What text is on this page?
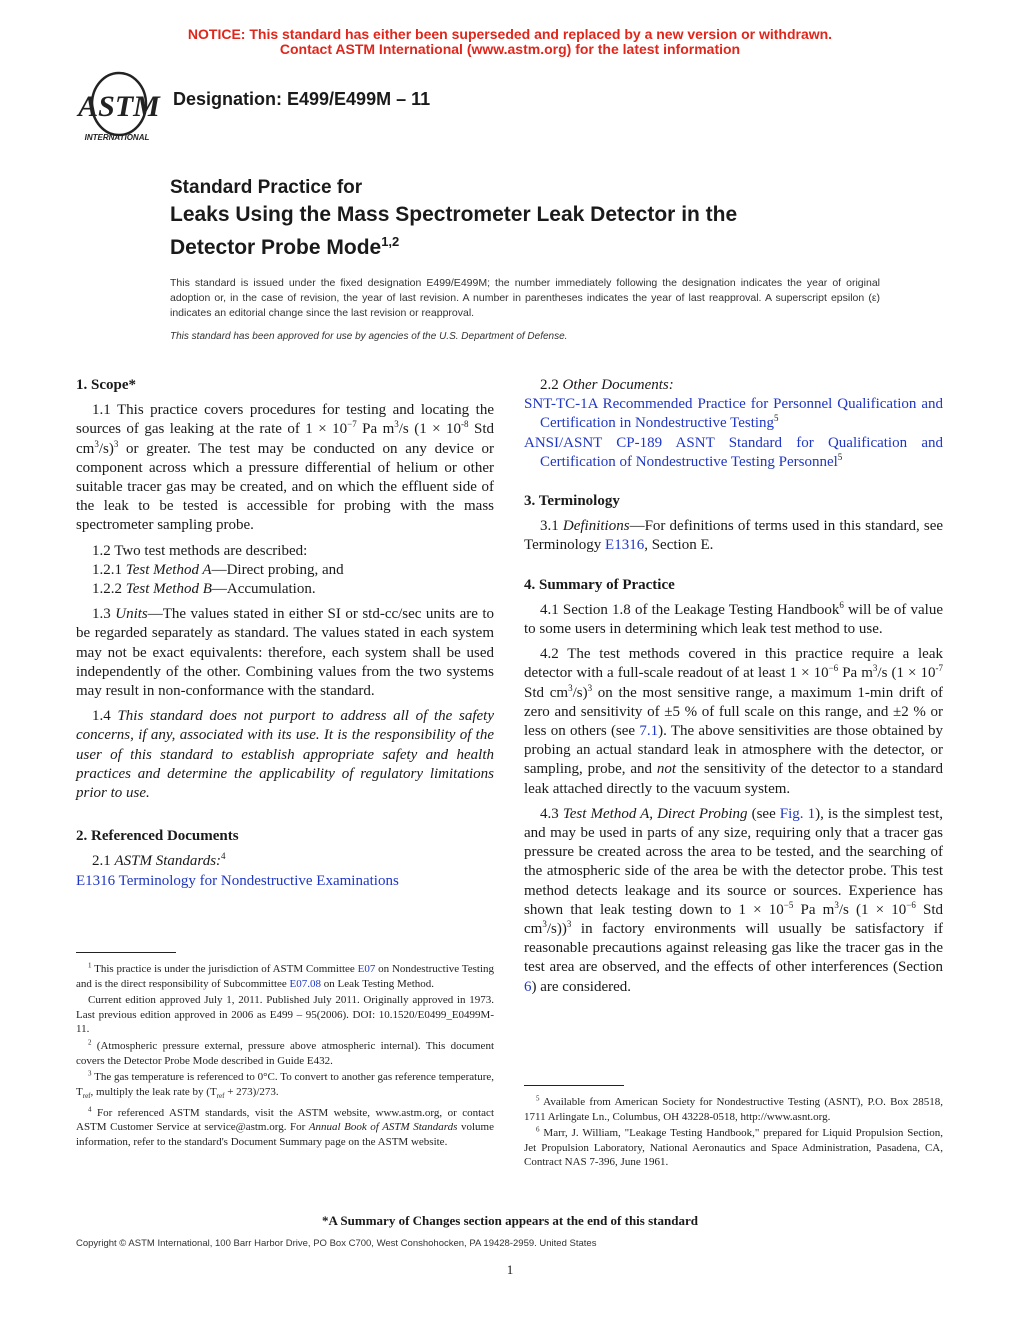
NOTICE: This standard has either been superseded and replaced by a new version or withdrawn.
Contact ASTM International (www.astm.org) for the latest information
ASTM
INTERNATIONAL
Designation: E499/E499M – 11
Standard Practice for
Leaks Using the Mass Spectrometer Leak Detector in the
Detector Probe Mode$^{1,2}$
This standard is issued under the fixed designation E499/E499M; the number immediately following the designation indicates the year of original adoption or, in the case of revision, the year of last revision. A number in parentheses indicates the year of last reapproval. A superscript epsilon (ε) indicates an editorial change since the last revision or reapproval.
This standard has been approved for use by agencies of the U.S. Department of Defense.
1. Scope*

1.1 This practice covers procedures for testing and locating the sources of gas leaking at the rate of $1 \times 10^{-7}$ Pa $m^3/s$ ($1 \times 10^{-8}$ Std $cm^3/s)^3$ or greater. The test may be conducted on any device or component across which a pressure differential of helium or other suitable tracer gas may be created, and on which the effluent side of the leak to be tested is accessible for probing with the mass spectrometer sampling probe.

1.2 Two test methods are described:

1.2.1 Test Method A—Direct probing, and

1.2.2 Test Method B—Accumulation.

1.3 Units—The values stated in either SI or std-cc/sec units are to be regarded separately as standard. The values stated in each system may not be exact equivalents: therefore, each system shall be used independently of the other. Combining values from the two systems may result in non-conformance with the standard.

1.4 This standard does not purport to address all of the safety concerns, if any, associated with its use. It is the responsibility of the user of this standard to establish appropriate safety and health practices and determine the applicability of regulatory limitations prior to use.

2. Referenced Documents

2.1 ASTM Standards:$^4$

E1316 Terminology for Nondestructive Examinations

$^1$ This practice is under the jurisdiction of ASTM Committee E07 on Nondestructive Testing and is the direct responsibility of Subcommittee E07.08 on Leak Testing Method.

Current edition approved July 1, 2011. Published July 2011. Originally approved in 1973. Last previous edition approved in 2006 as E499 – 95(2006). DOI: 10.1520/E0499_E0499M-11.

$^2$ (Atmospheric pressure external, pressure above atmospheric internal). This document covers the Detector Probe Mode described in Guide E432.

$^3$ The gas temperature is referenced to 0°C. To convert to another gas reference temperature, $T_{ref}$, multiply the leak rate by $(T_{ref} + 273)/273$.

$^4$ For referenced ASTM standards, visit the ASTM website, www.astm.org, or contact ASTM Customer Service at service@astm.org. For Annual Book of ASTM Standards volume information, refer to the standard's Document Summary page on the ASTM website.

2.2 Other Documents:

SNT-TC-1A Recommended Practice for Personnel Qualification and Certification in Nondestructive Testing$^5$

ANSI/ASNT CP-189 ASNT Standard for Qualification and Certification of Nondestructive Testing Personnel$^5$

3. Terminology

3.1 Definitions—For definitions of terms used in this standard, see Terminology E1316, Section E.

4. Summary of Practice

4.1 Section 1.8 of the Leakage Testing Handbook$^6$ will be of value to some users in determining which leak test method to use.

4.2 The test methods covered in this practice require a leak detector with a full-scale readout of at least $1 \times 10^{-6}$ Pa $m^3/s$ ($1 \times 10^{-7}$ Std $cm^3/s)^3$ on the most sensitive range, a maximum 1-min drift of zero and sensitivity of ±5 % of full scale on this range, and ±2 % or less on others (see 7.1). The above sensitivities are those obtained by probing an actual standard leak in atmosphere with the detector, or sampling, probe, and not the sensitivity of the detector to a standard leak attached directly to the vacuum system.

4.3 Test Method A, Direct Probing (see Fig. 1), is the simplest test, and may be used in parts of any size, requiring only that a tracer gas pressure be created across the area to be tested, and the searching of the atmospheric side of the area be with the detector probe. This test method detects leakage and its source or sources. Experience has shown that leak testing down to $1 \times 10^{-5}$ Pa $m^3/s$ ($1 \times 10^{-6}$ Std $cm^3/s))^3$ in factory environments will usually be satisfactory if reasonable precautions against releasing gas like the tracer gas in the test area are observed, and the effects of other interferences (Section 6) are considered.

$^5$ Available from American Society for Nondestructive Testing (ASNT), P.O. Box 28518, 1711 Arlingate Ln., Columbus, OH 43228-0518, http://www.asnt.org.

$^6$ Marr, J. William, "Leakage Testing Handbook," prepared for Liquid Propulsion Section, Jet Propulsion Laboratory, National Aeronautics and Space Administration, Pasadena, CA, Contract NAS 7-396, June 1961.

*A Summary of Changes section appears at the end of this standard
Copyright © ASTM International, 100 Barr Harbor Drive, PO Box C700, West Conshohocken, PA 19428-2959. United States
1
